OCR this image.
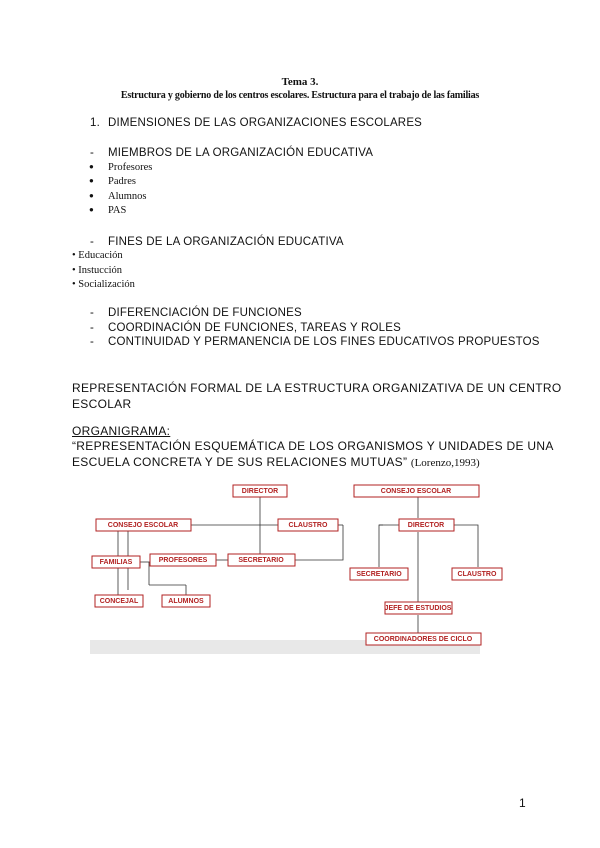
Tema 3.
Estructura y gobierno de los centros escolares. Estructura para el trabajo de las familias
1. DIMENSIONES DE LAS ORGANIZACIONES ESCOLARES
- MIEMBROS DE LA ORGANIZACIÓN EDUCATIVA
● Profesores
● Padres
● Alumnos
● PAS
- FINES DE LA ORGANIZACIÓN EDUCATIVA
• Educación
• Instucción
• Socialización
- DIFERENCIACIÓN DE FUNCIONES
- COORDINACIÓN DE FUNCIONES, TAREAS Y ROLES
- CONTINUIDAD Y PERMANENCIA DE LOS FINES EDUCATIVOS PROPUESTOS
REPRESENTACIÓN FORMAL DE LA ESTRUCTURA ORGANIZATIVA DE UN CENTRO
ESCOLAR
ORGANIGRAMA:
“REPRESENTACIÓN ESQUEMÁTICA DE LOS ORGANISMOS Y UNIDADES DE UNA
ESCUELA CONCRETA Y DE SUS RELACIONES MUTUAS” (Lorenzo,1993)
DIRECTOR
CONSEJO ESCOLAR	CLAUSTRO
FAMILIAS	PROFESORES	SECRETARIO
CONCEJAL	ALUMNOS
CONSEJO ESCOLAR
DIRECTOR
SECRETARIO	CLAUSTRO
JEFE DE ESTUDIOS
COORDINADORES DE CICLO
1
